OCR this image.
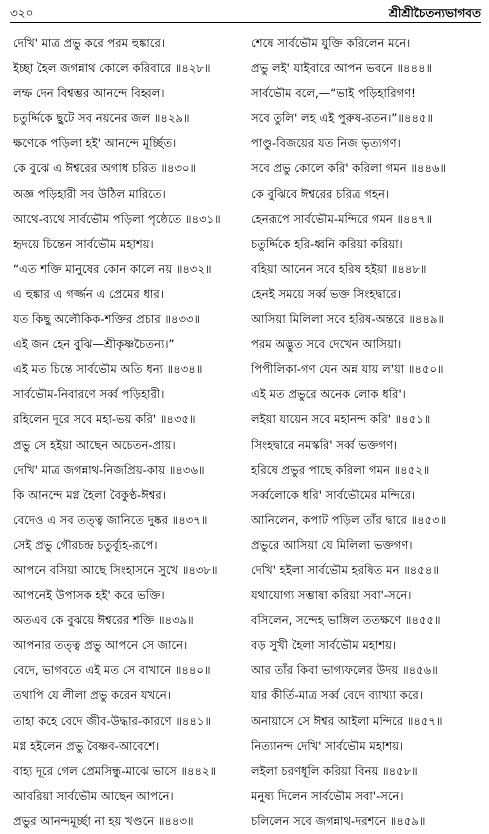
৩২০	শ্রীশ্রীচৈতন্যভাগবত
দেখি' মাত্র প্রভু করে পরম হুঙ্কারে।
ইচ্ছা হৈল জগন্নাথ কোলে করিবারে ॥৪২৮॥
লম্ফ দেন বিশ্বম্ভর আনন্দে বিহ্বল।
চতুর্দ্দিকে ছুটে সব নয়নের জল ॥৪২৯॥
ক্ষণেকে পড়িলা হই' আনন্দে মূর্চ্ছিত।
কে বুঝে এ ঈশ্বরের অগাধ চরিত ॥৪৩০॥
অজ্ঞ পড়িহারী সব উঠিল মারিতে।
আথে-ব্যথে সার্বভৌম পড়িলা পৃষ্ঠেতে ॥৪৩১॥
হৃদয়ে চিন্তেন সার্বভৌম মহাশয়।
“এত শক্তি মানুষের কোন কালে নয় ॥৪৩২॥
এ হুঙ্কার এ গর্জ্জন এ প্রেমের ধার।
যত কিছু অলৌকিক-শক্তির প্রচার ॥৪৩৩॥
এই জন হেন বুঝি—শ্রীকৃষ্ণচৈতন্য।”
এই মত চিন্তে সার্বভৌম অতি ধন্য ॥৪৩৪॥
সার্বভৌম-নিবারণে সর্ব্ব পড়িহারী।
রহিলেন দূরে সবে মহা-ভয় করি' ॥৪৩৫॥
প্রভু সে হইয়া আছেন অচেতন-প্রায়।
দেখি' মাত্র জগন্নাথ-নিজপ্রিয়-কায় ॥৪৩৬॥
কি আনন্দে মগ্ন হৈলা বৈকুণ্ঠ-ঈশ্বর।
বেদেও এ সব তত্ত্ব জানিতে দুষ্কর ॥৪৩৭॥
সেই প্রভু গৌরচন্দ্র চতুর্ব্যূহ-রূপে।
আপনে বসিয়া আছে সিংহাসনে সুখে ॥৪৩৮॥
আপনেই উপাসক হই' করে ভক্তি।
অতএব কে বুঝয়ে ঈশ্বরের শক্তি ॥৪৩৯॥
আপনার তত্ত্ব প্রভু আপনে সে জানে।
বেদে, ভাগবতে এই মত সে বাখানে ॥৪৪০॥
তথাপি যে লীলা প্রভু করেন যখনে।
তাহা কহে বেদে জীব-উদ্ধার-কারণে ॥৪৪১॥
মগ্ন হইলেন প্রভু বৈষ্ণব-আবেশে।
বাহ্য দূরে গেল প্রেমসিন্ধু-মাঝে ভাসে ॥৪৪২॥
আবরিয়া সার্বভৌম আছেন আপনে।
প্রভুর আনন্দমূর্চ্ছা না হয় খণ্ডনে ॥৪৪৩॥
শেষে সার্বভৌম যুক্তি করিলেন মনে।
প্রভু লই' যাইবারে আপন ভবনে ॥৪৪৪॥
সার্বভৌম বলে,—“ভাই পড়িহারিগণ!
সবে তুলি' লহ এই পুরুষ-রতন।”॥৪৪৫॥
পাণ্ডু-বিজয়ের যত নিজ ভৃত্যগণ।
সবে প্রভু কোলে করি' করিলা গমন ॥৪৪৬॥
কে বুঝিবে ঈশ্বরের চরিত্র গহন।
হেনরূপে সার্বভৌম-মন্দিরে গমন ॥৪৪৭॥
চতুর্দ্দিকে হরি-ধ্বনি করিয়া করিয়া।
বহিয়া আনেন সবে হরিষ হইয়া ॥৪৪৮॥
হেনই সময়ে সর্ব্ব ভক্ত সিংহদ্বারে।
আসিয়া মিলিলা সবে হরিষ-অন্তরে ॥৪৪৯॥
পরম অদ্ভুত সবে দেখেন আসিয়া।
পিপীলিকা-গণ যেন অন্ন যায় ল'য়া ॥৪৫০॥
এই মত প্রভুরে অনেক লোক ধরি'।
লইয়া যায়েন সবে মহানন্দ করি' ॥৪৫১॥
সিংহদ্বারে নমস্করি' সর্ব্ব ভক্তগণ।
হরিষে প্রভুর পাছে করিলা গমন ॥৪৫২॥
সর্ব্বলোকে ধরি' সার্বভৌমের মন্দিরে।
আনিলেন, কপাট পড়িল তাঁর দ্বারে ॥৪৫৩॥
প্রভুরে আসিয়া যে মিলিলা ভক্তগণ।
দেখি' হইলা সার্বভৌম হরষিত মন ॥৪৫৪॥
যথাযোগ্য সম্ভাষা করিয়া সবা'-সনে।
বসিলেন, সন্দেহ ভাঙ্গিল ততক্ষণে ॥৪৫৫॥
বড় সুখী হৈলা সার্বভৌম মহাশয়।
আর তাঁর কিবা ভাগ্যফলের উদয় ॥৪৫৬॥
যার কীর্তি-মাত্র সর্ব্ব বেদে ব্যাখ্যা করে।
অনায়াসে সে ঈশ্বর আইলা মন্দিরে ॥৪৫৭॥
নিত্যানন্দ দেখি' সার্বভৌম মহাশয়।
লইলা চরণধূলি করিয়া বিনয় ॥৪৫৮॥
মনুষ্য দিলেন সার্বভৌম সবা'-সনে।
চলিলেন সবে জগন্নাথ-দরশনে ॥৪৫৯॥
